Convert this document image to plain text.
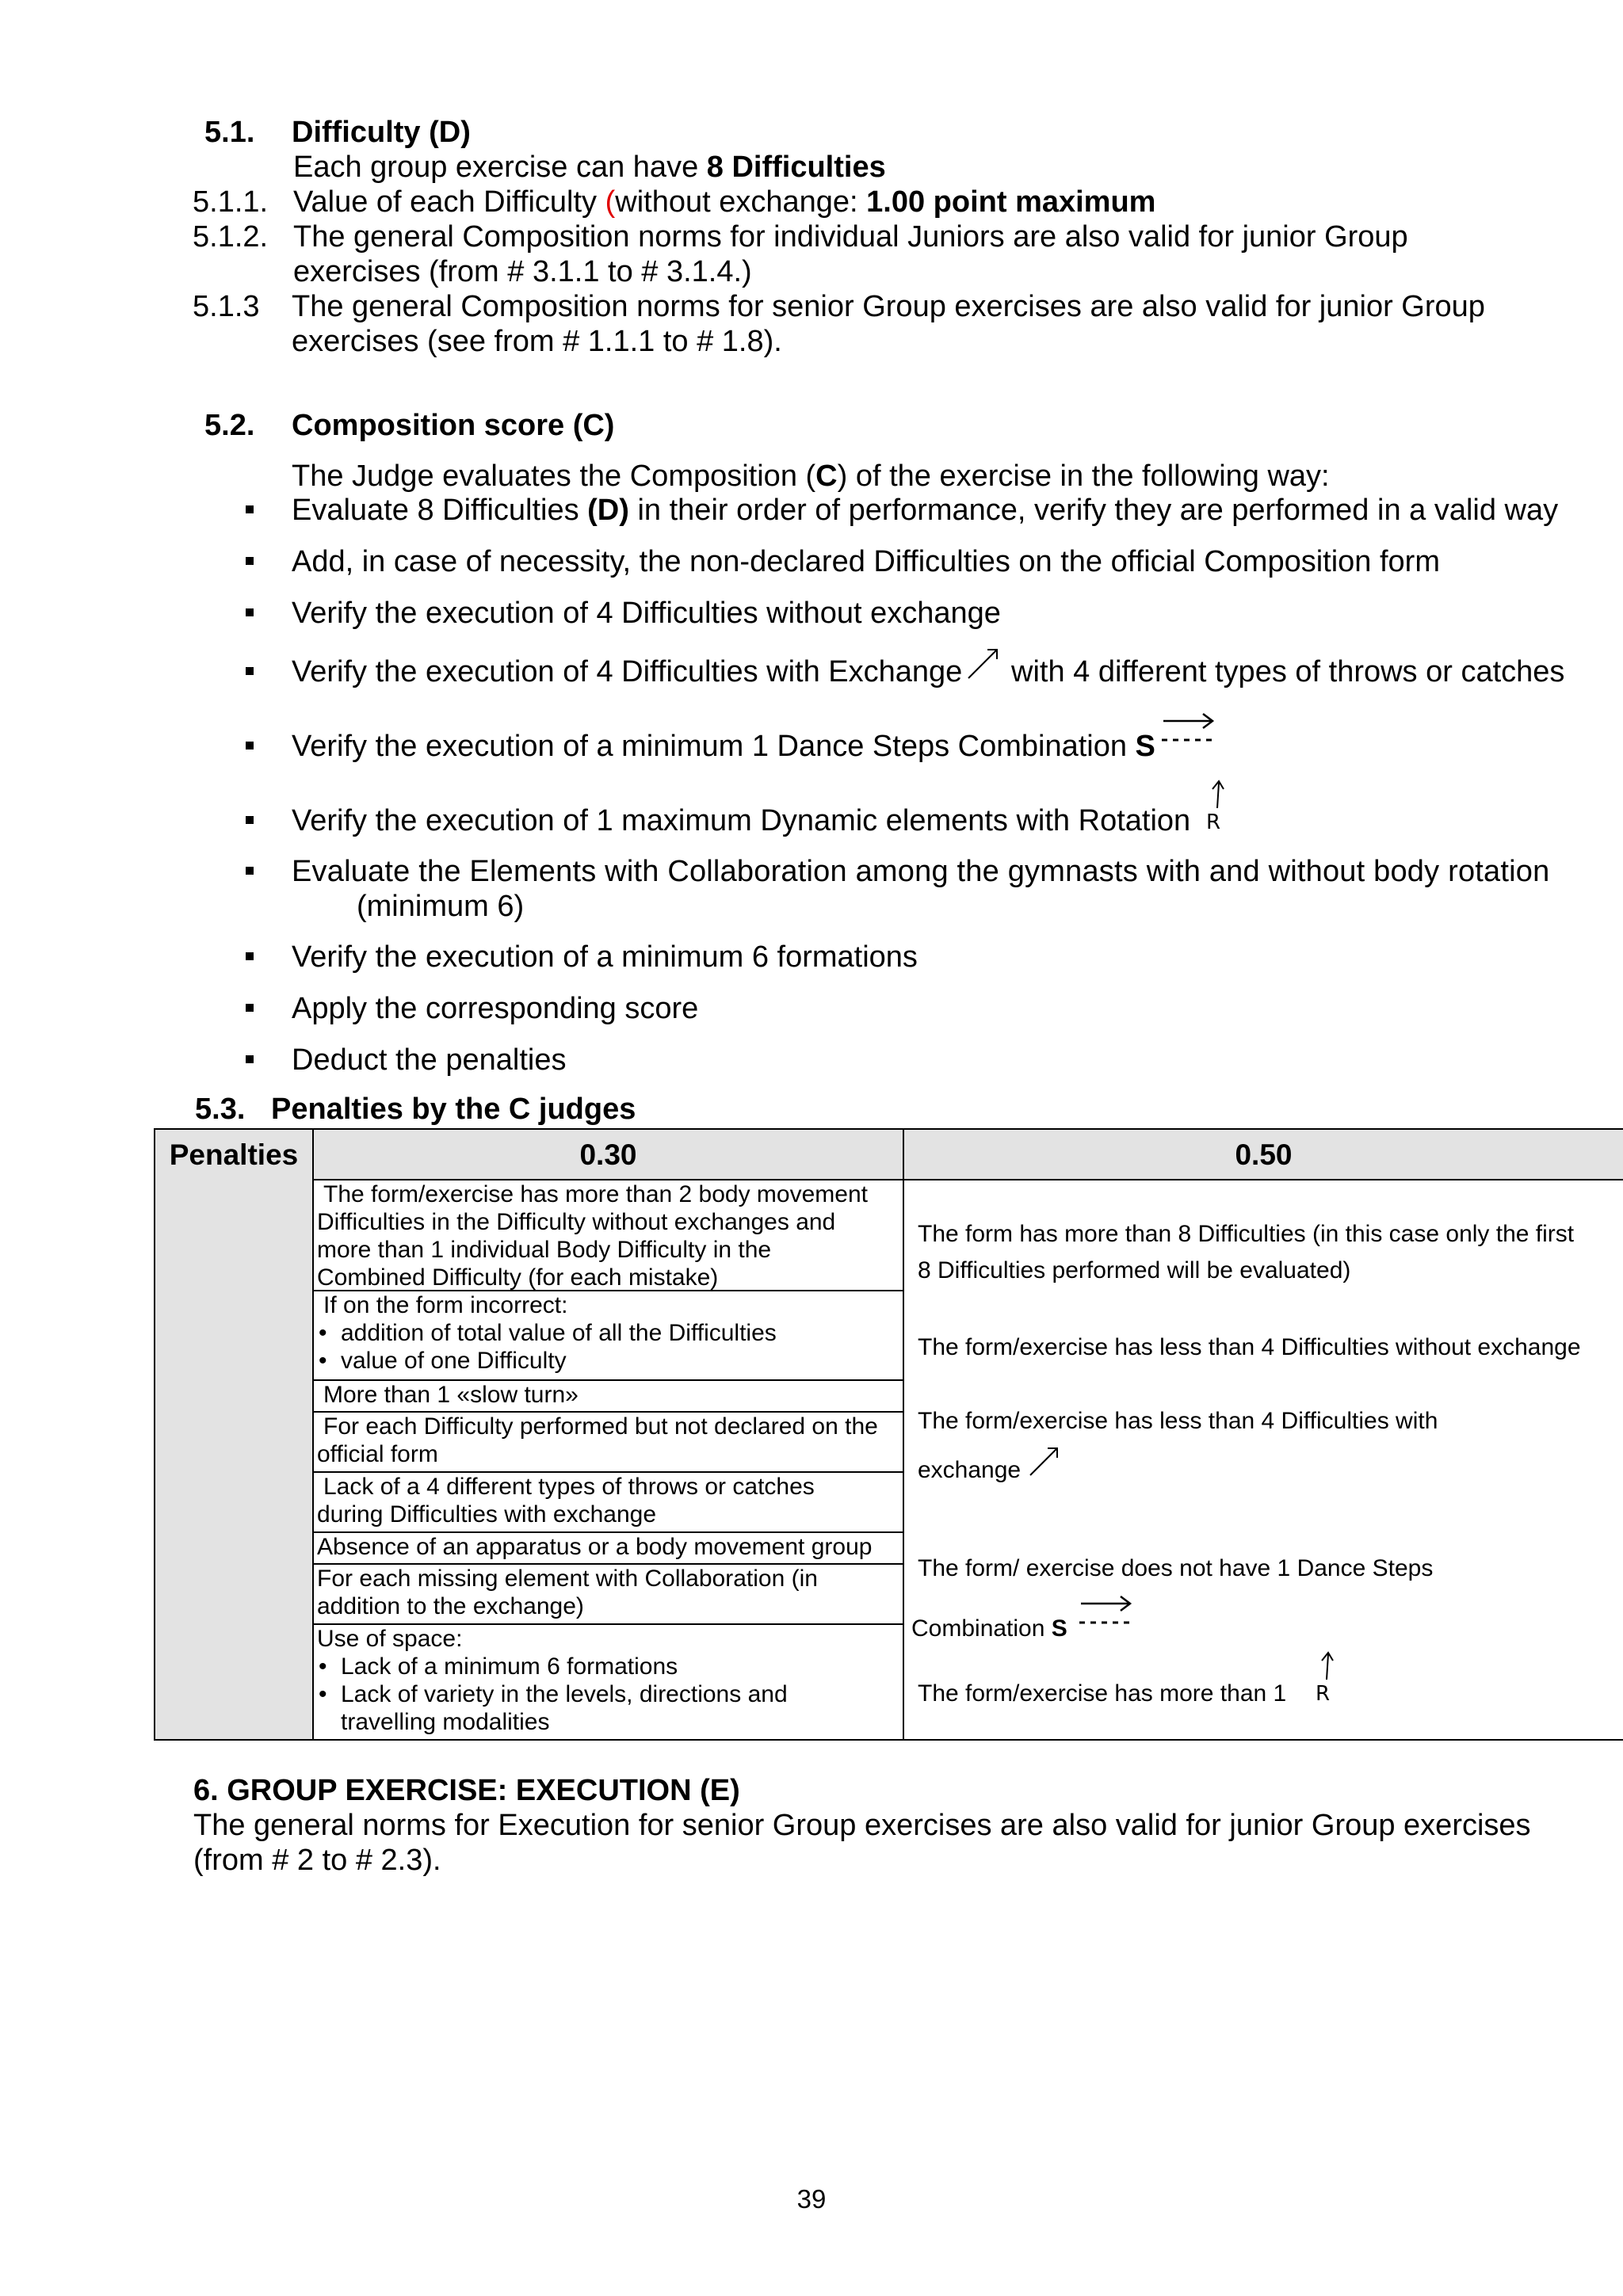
5.1. Difficulty (D)
Each group exercise can have 8 Difficulties
5.1.1. Value of each Difficulty (without exchange: 1.00 point maximum
5.1.2. The general Composition norms for individual Juniors are also valid for junior Group
exercises (from # 3.1.1 to # 3.1.4.)
5.1.3 The general Composition norms for senior Group exercises are also valid for junior Group
exercises (see from # 1.1.1 to # 1.8).
5.2. Composition score (C)
The Judge evaluates the Composition (C) of the exercise in the following way:
Evaluate 8 Difficulties (D) in their order of performance, verify they are performed in a valid way
Add, in case of necessity, the non-declared Difficulties on the official Composition form
Verify the execution of 4 Difficulties without exchange
Verify the execution of 4 Difficulties with Exchange with 4 different types of throws or catches
Verify the execution of a minimum 1 Dance Steps Combination S
Verify the execution of 1 maximum Dynamic elements with Rotation R
Evaluate the Elements with Collaboration among the gymnasts with and without body rotation
(minimum 6)
Verify the execution of a minimum 6 formations
Apply the corresponding score
Deduct the penalties
5.3. Penalties by the C judges
Penalties	0.30	0.50
The form/exercise has more than 2 body movement
Difficulties in the Difficulty without exchanges and
more than 1 individual Body Difficulty in the
Combined Difficulty (for each mistake)
If on the form incorrect:
• addition of total value of all the Difficulties
• value of one Difficulty
More than 1 «slow turn»
For each Difficulty performed but not declared on the
official form
Lack of a 4 different types of throws or catches
during Difficulties with exchange
Absence of an apparatus or a body movement group
For each missing element with Collaboration (in
addition to the exchange)
Use of space:
• Lack of a minimum 6 formations
• Lack of variety in the levels, directions and
travelling modalities
The form has more than 8 Difficulties (in this case only the first
8 Difficulties performed will be evaluated)
The form/exercise has less than 4 Difficulties without exchange
The form/exercise has less than 4 Difficulties with
exchange
The form/ exercise does not have 1 Dance Steps
Combination S
The form/exercise has more than 1 R
6. GROUP EXERCISE: EXECUTION (E)
The general norms for Execution for senior Group exercises are also valid for junior Group exercises
(from # 2 to # 2.3).
39
